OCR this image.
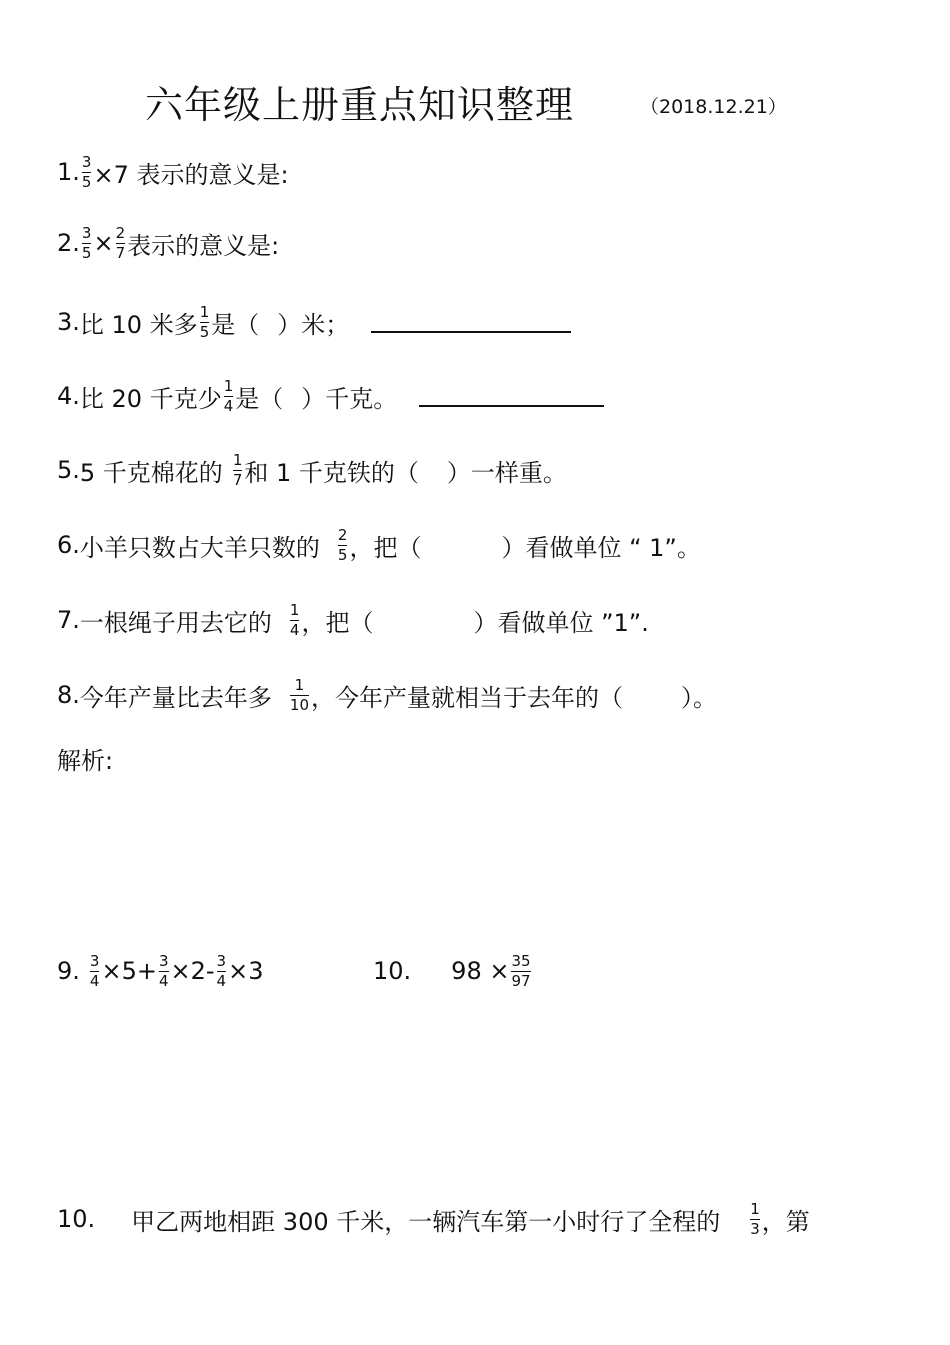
六年级上册重点知识整理	（2018.12.21）
1. $\frac{3}{5} \times 7$ 表示的意义是:
2. $\frac{3}{5} \times \frac{2}{7}$ 表示的意义是:
3. 比 10 米多 $\frac{1}{5}$ 是（ ）米；
4. 比 20 千克少 $\frac{1}{4}$ 是（ ）千克。
5. 5 千克棉花的 $\frac{1}{7}$ 和 1 千克铁的（ ）一样重。
6. 小羊只数占大羊只数的 $\frac{2}{5}$ ，把（	）看做单位 “ 1”。
7. 一根绳子用去它的 $\frac{1}{4}$ ，把（	）看做单位 ”1”.
8. 今年产量比去年多 $\frac{1}{10}$ ，今年产量就相当于去年的（ ）。
解析:
9. $\frac{3}{4} \times 5+ \frac{3}{4} \times 2- \frac{3}{4} \times 3$	10. $98 \times \frac{35}{97}$
10. 甲乙两地相距 300 千米，一辆汽车第一小时行了全程的 $\frac{1}{3}$ ，第
